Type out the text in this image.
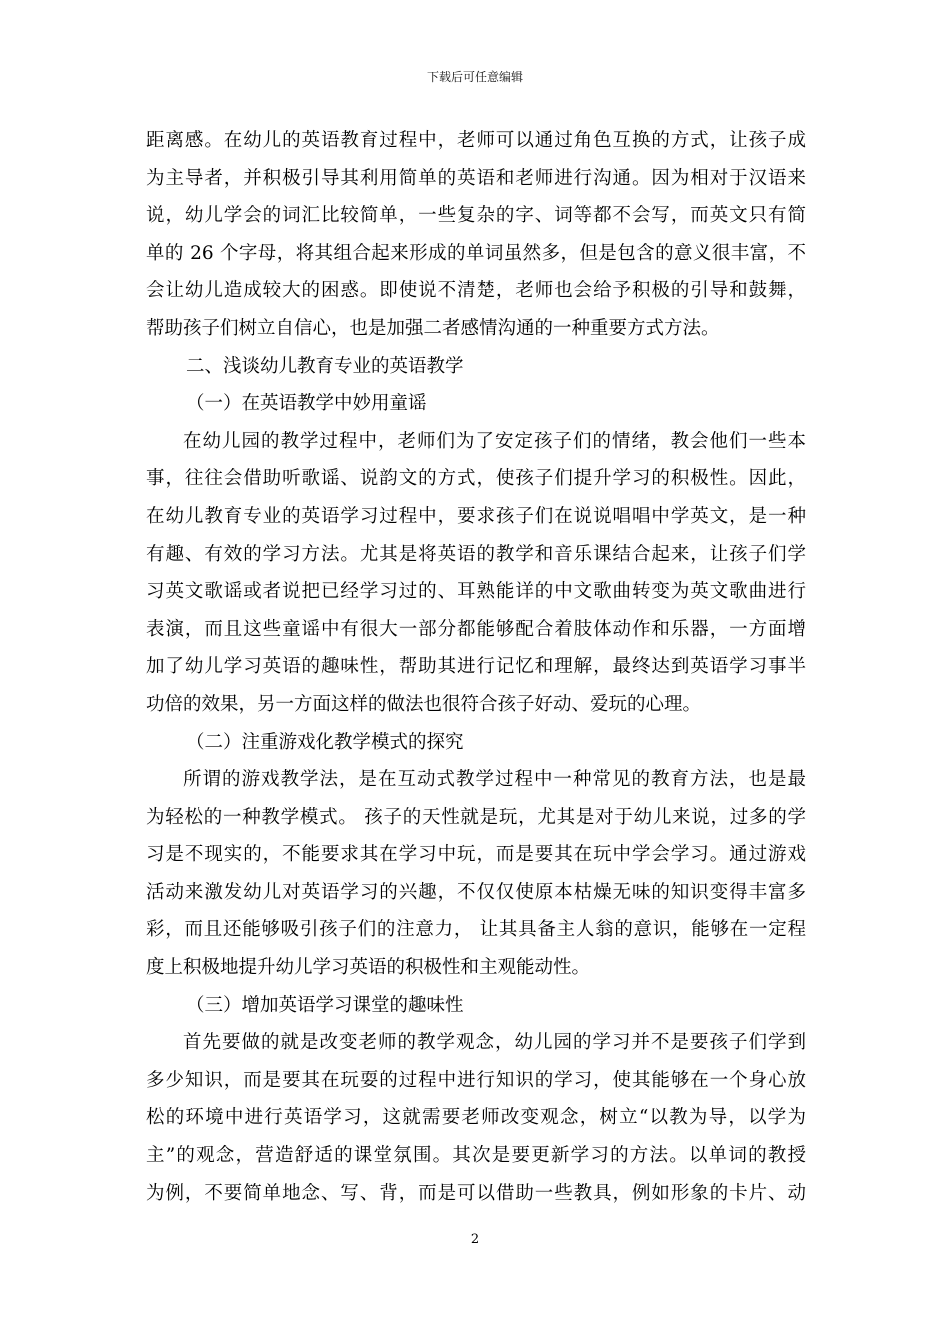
下载后可任意编辑
距离感。在幼儿的英语教育过程中，老师可以通过角色互换的方式，让孩子成
为主导者，并积极引导其利用简单的英语和老师进行沟通。因为相对于汉语来
说，幼儿学会的词汇比较简单，一些复杂的字、词等都不会写，而英文只有简
单的 26 个字母，将其组合起来形成的单词虽然多，但是包含的意义很丰富，不
会让幼儿造成较大的困惑。即使说不清楚，老师也会给予积极的引导和鼓舞，
帮助孩子们树立自信心，也是加强二者感情沟通的一种重要方式方法。
二、浅谈幼儿教育专业的英语教学
（一）在英语教学中妙用童谣
在幼儿园的教学过程中，老师们为了安定孩子们的情绪，教会他们一些本
事，往往会借助听歌谣、说韵文的方式，使孩子们提升学习的积极性。因此，
在幼儿教育专业的英语学习过程中，要求孩子们在说说唱唱中学英文，是一种
有趣、有效的学习方法。尤其是将英语的教学和音乐课结合起来，让孩子们学
习英文歌谣或者说把已经学习过的、耳熟能详的中文歌曲转变为英文歌曲进行
表演，而且这些童谣中有很大一部分都能够配合着肢体动作和乐器，一方面增
加了幼儿学习英语的趣味性，帮助其进行记忆和理解，最终达到英语学习事半
功倍的效果，另一方面这样的做法也很符合孩子好动、爱玩的心理。
（二）注重游戏化教学模式的探究
所谓的游戏教学法，是在互动式教学过程中一种常见的教育方法，也是最
为轻松的一种教学模式。 孩子的天性就是玩，尤其是对于幼儿来说，过多的学
习是不现实的，不能要求其在学习中玩，而是要其在玩中学会学习。通过游戏
活动来激发幼儿对英语学习的兴趣，不仅仅使原本枯燥无味的知识变得丰富多
彩，而且还能够吸引孩子们的注意力， 让其具备主人翁的意识，能够在一定程
度上积极地提升幼儿学习英语的积极性和主观能动性。
（三）增加英语学习课堂的趣味性
首先要做的就是改变老师的教学观念，幼儿园的学习并不是要孩子们学到
多少知识，而是要其在玩耍的过程中进行知识的学习，使其能够在一个身心放
松的环境中进行英语学习，这就需要老师改变观念，树立“以教为导，以学为
主”的观念，营造舒适的课堂氛围。其次是要更新学习的方法。以单词的教授
为例，不要简单地念、写、背，而是可以借助一些教具，例如形象的卡片、动
2
